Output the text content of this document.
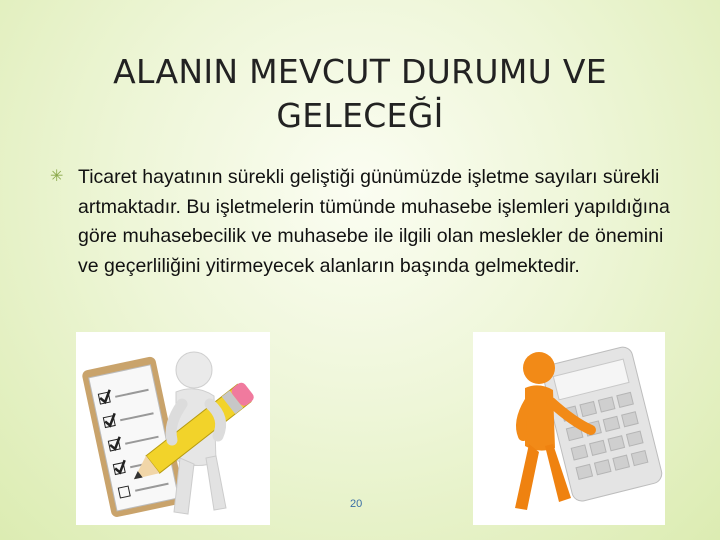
ALANIN MEVCUT DURUMU VE
GELECEĞİ
✳ Ticaret hayatının sürekli geliştiği günümüzde işletme sayıları sürekli artmaktadır. Bu işletmelerin tümünde muhasebe işlemleri yapıldığına göre muhasebecilik ve muhasebe ile ilgili olan meslekler de önemini ve geçerliliğini yitirmeyecek alanların başında gelmektedir.
20
